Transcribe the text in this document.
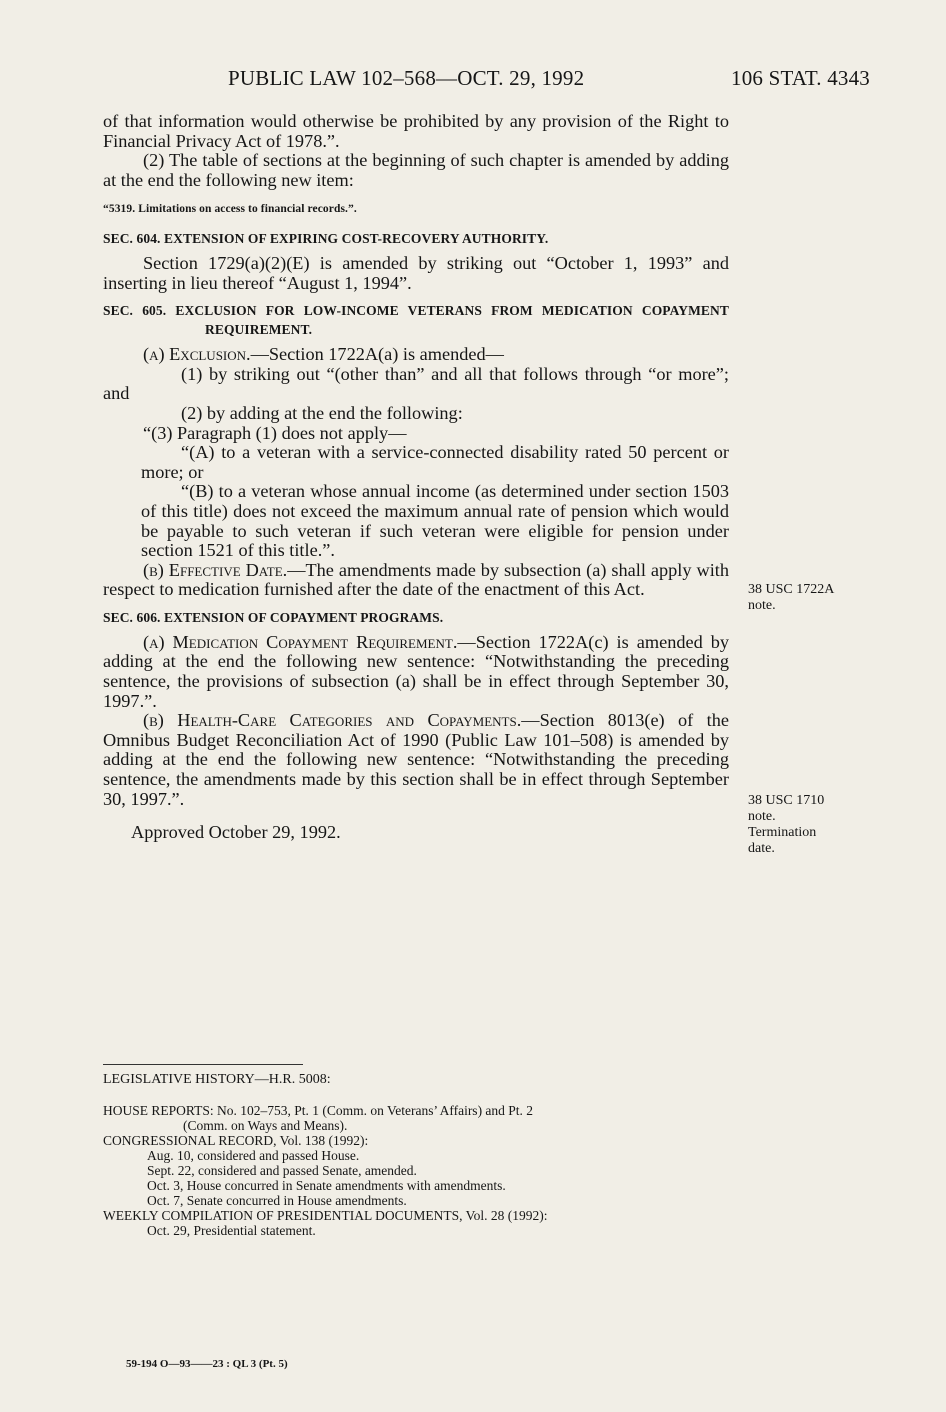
PUBLIC LAW 102–568—OCT. 29, 1992	106 STAT. 4343

of that information would otherwise be prohibited by any provision of the Right to Financial Privacy Act of 1978.”.

(2) The table of sections at the beginning of such chapter is amended by adding at the end the following new item:

“5319. Limitations on access to financial records.”.

SEC. 604. EXTENSION OF EXPIRING COST-RECOVERY AUTHORITY.

Section 1729(a)(2)(E) is amended by striking out “October 1, 1993” and inserting in lieu thereof “August 1, 1994”.

SEC. 605. EXCLUSION FOR LOW-INCOME VETERANS FROM MEDICATION COPAYMENT REQUIREMENT.

(a) Exclusion.—Section 1722A(a) is amended—

(1) by striking out “(other than” and all that follows through “or more”; and

(2) by adding at the end the following:

“(3) Paragraph (1) does not apply—

“(A) to a veteran with a service-connected disability rated 50 percent or more; or

“(B) to a veteran whose annual income (as determined under section 1503 of this title) does not exceed the maximum annual rate of pension which would be payable to such veteran if such veteran were eligible for pension under section 1521 of this title.”.

(b) Effective Date.—The amendments made by subsection (a) shall apply with respect to medication furnished after the date of the enactment of this Act.

SEC. 606. EXTENSION OF COPAYMENT PROGRAMS.

(a) Medication Copayment Requirement.—Section 1722A(c) is amended by adding at the end the following new sentence: “Notwithstanding the preceding sentence, the provisions of subsection (a) shall be in effect through September 30, 1997.”.

(b) Health-Care Categories and Copayments.—Section 8013(e) of the Omnibus Budget Reconciliation Act of 1990 (Public Law 101–508) is amended by adding at the end the following new sentence: “Notwithstanding the preceding sentence, the amendments made by this section shall be in effect through September 30, 1997.”.

Approved October 29, 1992.

38 USC 1722A
note.
38 USC 1710
note.
Termination
date.

LEGISLATIVE HISTORY—H.R. 5008:

HOUSE REPORTS: No. 102–753, Pt. 1 (Comm. on Veterans’ Affairs) and Pt. 2

(Comm. on Ways and Means).

CONGRESSIONAL RECORD, Vol. 138 (1992):

Aug. 10, considered and passed House.

Sept. 22, considered and passed Senate, amended.

Oct. 3, House concurred in Senate amendments with amendments.

Oct. 7, Senate concurred in House amendments.

WEEKLY COMPILATION OF PRESIDENTIAL DOCUMENTS, Vol. 28 (1992):

Oct. 29, Presidential statement.

59-194 O—93——23 : QL 3 (Pt. 5)
